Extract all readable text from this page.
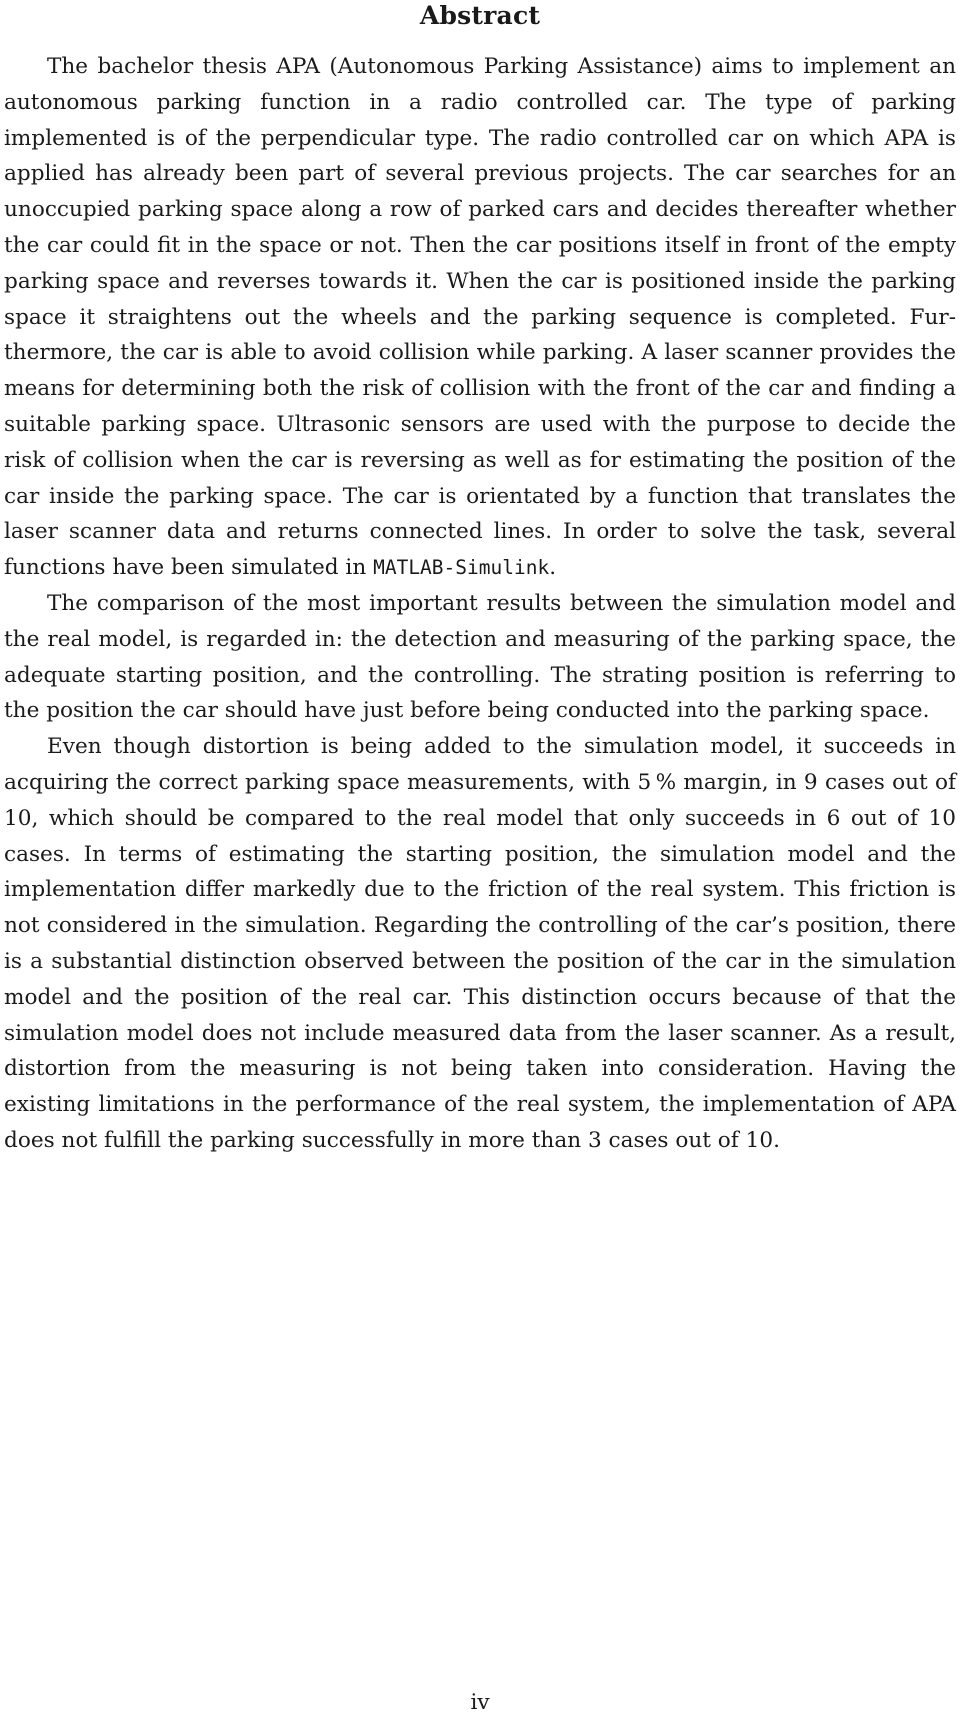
Abstract

The bachelor thesis APA (Autonomous Parking Assistance) aims to implement an autonomous parking function in a radio controlled car. The type of parking implemented is of the perpendicular type. The radio controlled car on which APA is applied has already been part of several previous projects. The car searches for an unoccupied parking space along a row of parked cars and decides thereafter whether the car could fit in the space or not. Then the car positions itself in front of the empty parking space and reverses towards it. When the car is positioned inside the parking space it straightens out the wheels and the parking sequence is completed. Furthermore, the car is able to avoid collision while parking. A laser scanner provides the means for determining both the risk of collision with the front of the car and finding a suitable parking space. Ultrasonic sensors are used with the purpose to decide the risk of collision when the car is reversing as well as for estimating the position of the car inside the parking space. The car is orientated by a function that translates the laser scanner data and returns connected lines. In order to solve the task, several functions have been simulated in MATLAB-Simulink.

The comparison of the most important results between the simulation model and the real model, is regarded in: the detection and measuring of the parking space, the adequate starting position, and the controlling. The strating position is referring to the position the car should have just before being conducted into the parking space.

Even though distortion is being added to the simulation model, it succeeds in acquiring the correct parking space measurements, with 5 % margin, in 9 cases out of 10, which should be compared to the real model that only succeeds in 6 out of 10 cases. In terms of estimating the starting position, the simulation model and the implementation differ markedly due to the friction of the real system. This friction is not considered in the simulation. Regarding the controlling of the car’s position, there is a substantial distinction observed between the position of the car in the simulation model and the position of the real car. This distinction occurs because of that the simulation model does not include measured data from the laser scanner. As a result, distortion from the measuring is not being taken into consideration. Having the existing limitations in the performance of the real system, the implementation of APA does not fulfill the parking successfully in more than 3 cases out of 10.

iv
